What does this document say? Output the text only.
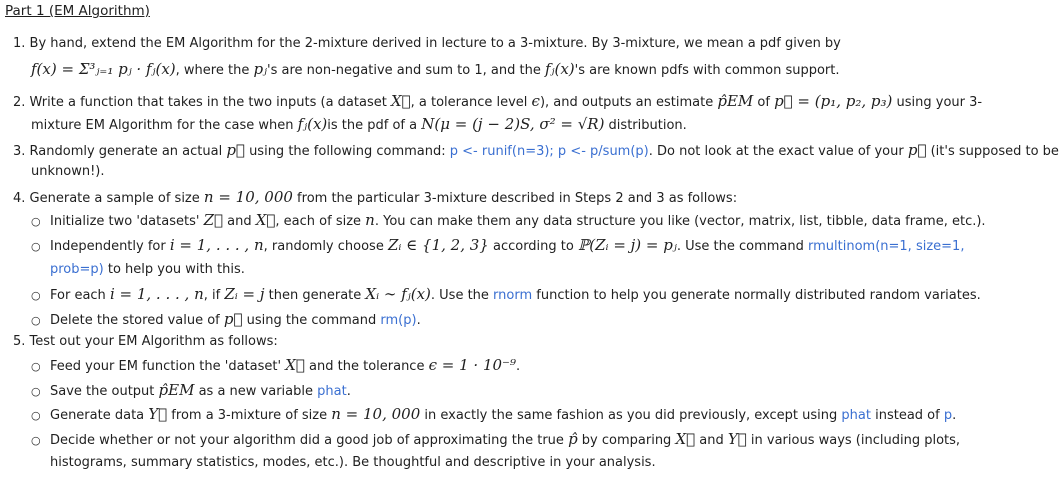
Part 1 (EM Algorithm)
1. By hand, extend the EM Algorithm for the 2-mixture derived in lecture to a 3-mixture. By 3-mixture, we mean a pdf given by
f(x) = Σ³ⱼ₌₁ pⱼ · fⱼ(x), where the pⱼ's are non-negative and sum to 1, and the fⱼ(x)'s are known pdfs with common support.
2. Write a function that takes in the two inputs (a dataset X⃗, a tolerance level ϵ), and outputs an estimate p̂EM of p⃗ = (p₁, p₂, p₃) using your 3-
mixture EM Algorithm for the case when fⱼ(x)is the pdf of a N(μ = (j − 2)S, σ² = √R) distribution.
3. Randomly generate an actual p⃗ using the following command: p <- runif(n=3); p <- p/sum(p). Do not look at the exact value of your p⃗ (it's supposed to be
unknown!).
4. Generate a sample of size n = 10, 000 from the particular 3-mixture described in Steps 2 and 3 as follows:
○ Initialize two 'datasets' Z⃗ and X⃗, each of size n. You can make them any data structure you like (vector, matrix, list, tibble, data frame, etc.).
○ Independently for i = 1, . . . , n, randomly choose Zᵢ ∈ {1, 2, 3} according to ℙ(Zᵢ = j) = pⱼ. Use the command rmultinom(n=1, size=1,
prob=p) to help you with this.
○ For each i = 1, . . . , n, if Zᵢ = j then generate Xᵢ ∼ fⱼ(x). Use the rnorm function to help you generate normally distributed random variates.
○ Delete the stored value of p⃗ using the command rm(p).
5. Test out your EM Algorithm as follows:
○ Feed your EM function the 'dataset' X⃗ and the tolerance ϵ = 1 · 10⁻⁹.
○ Save the output p̂EM as a new variable phat.
○ Generate data Y⃗ from a 3-mixture of size n = 10, 000 in exactly the same fashion as you did previously, except using phat instead of p.
○ Decide whether or not your algorithm did a good job of approximating the true p̂ by comparing X⃗ and Y⃗ in various ways (including plots,
histograms, summary statistics, modes, etc.). Be thoughtful and descriptive in your analysis.
